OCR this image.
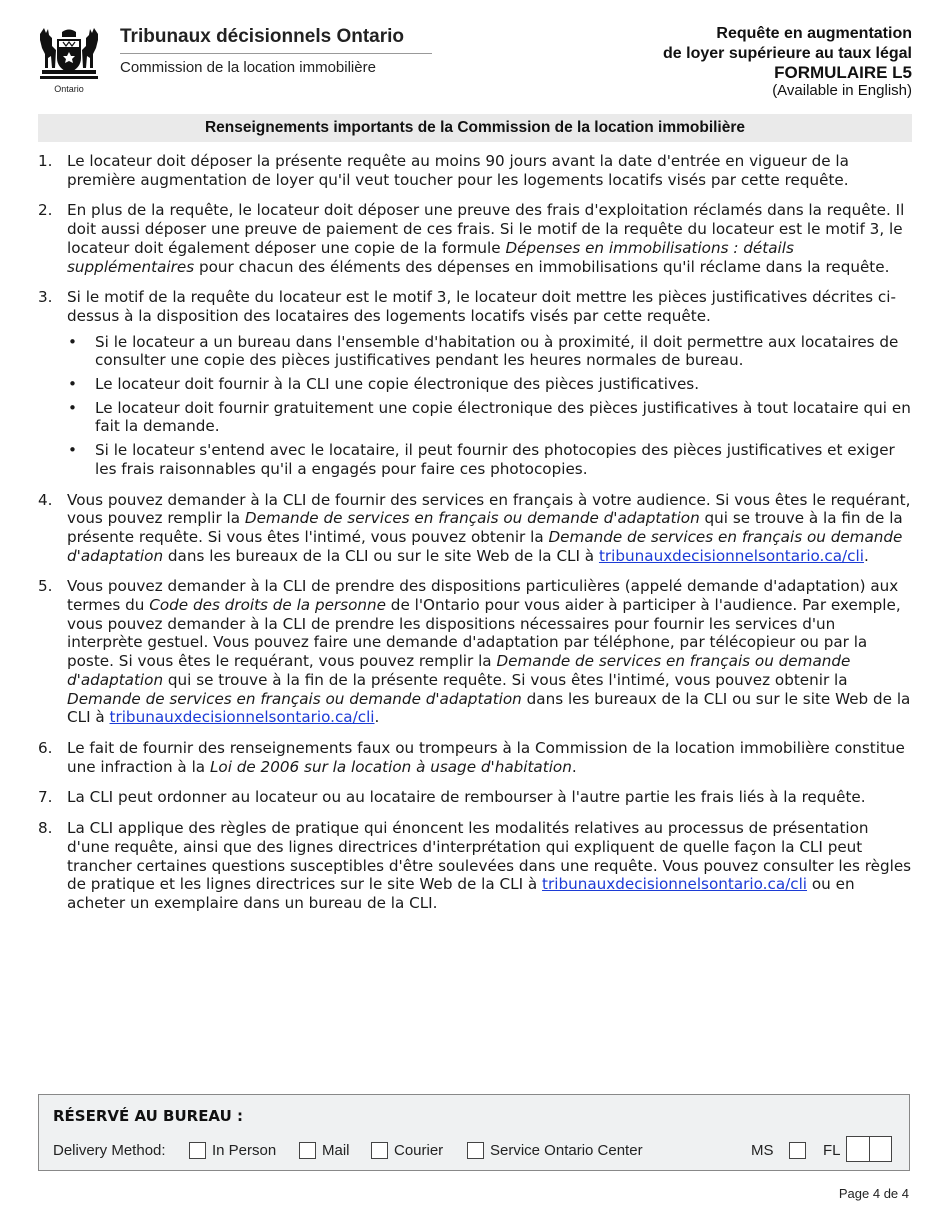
Ontario
Tribunaux décisionnels Ontario
Commission de la location immobilière
Requête en augmentation
de loyer supérieure au taux légal
FORMULAIRE L5
(Available in English)
Renseignements importants de la Commission de la location immobilière
1. Le locateur doit déposer la présente requête au moins 90 jours avant la date d'entrée en vigueur de la première augmentation de loyer qu'il veut toucher pour les logements locatifs visés par cette requête.
2. En plus de la requête, le locateur doit déposer une preuve des frais d'exploitation réclamés dans la requête. Il doit aussi déposer une preuve de paiement de ces frais. Si le motif de la requête du locateur est le motif 3, le locateur doit également déposer une copie de la formule Dépenses en immobilisations : détails supplémentaires pour chacun des éléments des dépenses en immobilisations qu'il réclame dans la requête.
3. Si le motif de la requête du locateur est le motif 3, le locateur doit mettre les pièces justificatives décrites ci-dessus à la disposition des locataires des logements locatifs visés par cette requête.
• Si le locateur a un bureau dans l'ensemble d'habitation ou à proximité, il doit permettre aux locataires de consulter une copie des pièces justificatives pendant les heures normales de bureau.
• Le locateur doit fournir à la CLI une copie électronique des pièces justificatives.
• Le locateur doit fournir gratuitement une copie électronique des pièces justificatives à tout locataire qui en fait la demande.
• Si le locateur s'entend avec le locataire, il peut fournir des photocopies des pièces justificatives et exiger les frais raisonnables qu'il a engagés pour faire ces photocopies.
4. Vous pouvez demander à la CLI de fournir des services en français à votre audience. Si vous êtes le requérant, vous pouvez remplir la Demande de services en français ou demande d'adaptation qui se trouve à la fin de la présente requête. Si vous êtes l'intimé, vous pouvez obtenir la Demande de services en français ou demande d'adaptation dans les bureaux de la CLI ou sur le site Web de la CLI à tribunauxdecisionnelsontario.ca/cli.
5. Vous pouvez demander à la CLI de prendre des dispositions particulières (appelé demande d'adaptation) aux termes du Code des droits de la personne de l'Ontario pour vous aider à participer à l'audience. Par exemple, vous pouvez demander à la CLI de prendre les dispositions nécessaires pour fournir les services d'un interprète gestuel. Vous pouvez faire une demande d'adaptation par téléphone, par télécopieur ou par la poste. Si vous êtes le requérant, vous pouvez remplir la Demande de services en français ou demande d'adaptation qui se trouve à la fin de la présente requête. Si vous êtes l'intimé, vous pouvez obtenir la Demande de services en français ou demande d'adaptation dans les bureaux de la CLI ou sur le site Web de la CLI à tribunauxdecisionnelsontario.ca/cli.
6. Le fait de fournir des renseignements faux ou trompeurs à la Commission de la location immobilière constitue une infraction à la Loi de 2006 sur la location à usage d'habitation.
7. La CLI peut ordonner au locateur ou au locataire de rembourser à l'autre partie les frais liés à la requête.
8. La CLI applique des règles de pratique qui énoncent les modalités relatives au processus de présentation d'une requête, ainsi que des lignes directrices d'interprétation qui expliquent de quelle façon la CLI peut trancher certaines questions susceptibles d'être soulevées dans une requête. Vous pouvez consulter les règles de pratique et les lignes directrices sur le site Web de la CLI à tribunauxdecisionnelsontario.ca/cli ou en acheter un exemplaire dans un bureau de la CLI.
RÉSERVÉ AU BUREAU :
Delivery Method:	In Person	Mail	Courier	Service Ontario Center	MS	FL
Page 4 de 4
